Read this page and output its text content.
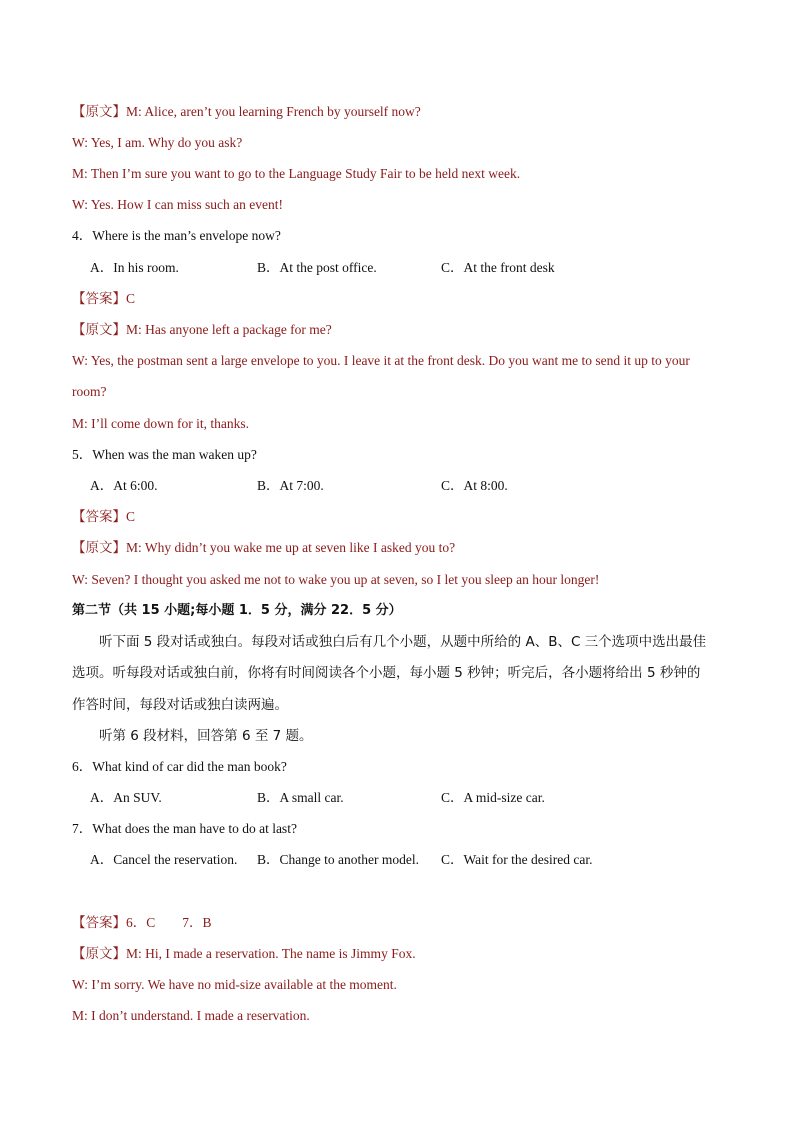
【原文】M: Alice, aren’t you learning French by yourself now?
W: Yes, I am. Why do you ask?
M: Then I’m sure you want to go to the Language Study Fair to be held next week.
W: Yes. How I can miss such an event!
4．Where is the man’s envelope now?
A．In his room.	B．At the post office.	C．At the front desk
【答案】C
【原文】M: Has anyone left a package for me?
W: Yes, the postman sent a large envelope to you. I leave it at the front desk. Do you want me to send it up to your
room?
M: I’ll come down for it, thanks.
5．When was the man waken up?
A．At 6:00.	B．At 7:00.	C．At 8:00.
【答案】C
【原文】M: Why didn’t you wake me up at seven like I asked you to?
W: Seven? I thought you asked me not to wake you up at seven, so I let you sleep an hour longer!
第二节（共 15 小题;每小题 1．5 分，满分 22．5 分）
听下面 5 段对话或独白。每段对话或独白后有几个小题，从题中所给的 A、B、C 三个选项中选出最佳
选项。听每段对话或独白前，你将有时间阅读各个小题，每小题 5 秒钟；听完后，各小题将给出 5 秒钟的
作答时间，每段对话或独白读两遍。
听第 6 段材料，回答第 6 至 7 题。
6．What kind of car did the man book?
A．An SUV.	B．A small car.	C．A mid-size car.
7．What does the man have to do at last?
A．Cancel the reservation. B．Change to another model. C．Wait for the desired car.
【答案】6．C        7．B
【原文】M: Hi, I made a reservation. The name is Jimmy Fox.
W: I’m sorry. We have no mid-size available at the moment.
M: I don’t understand. I made a reservation.
